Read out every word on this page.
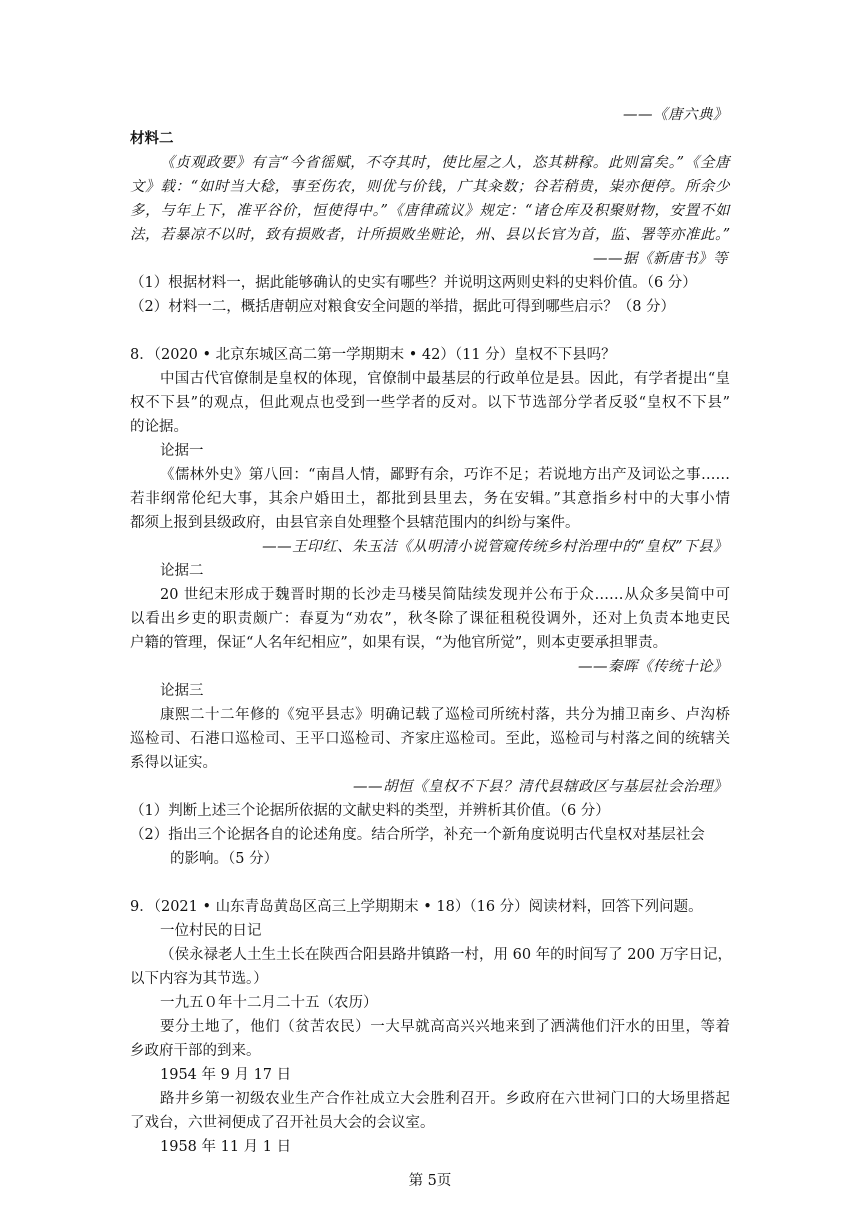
——《唐六典》
材料二
《贞观政要》有言“今省徭赋，不夺其时，使比屋之人，恣其耕稼。此则富矣。”《全唐
文》载：“如时当大稔，事至伤农，则优与价钱，广其籴数；谷若稍贵，粜亦便停。所余少
多，与年上下，准平谷价，恒使得中。”《唐律疏议》规定：“诸仓库及积聚财物，安置不如
法，若暴凉不以时，致有损败者，计所损败坐赃论，州、县以长官为首，监、署等亦准此。”
——据《新唐书》等
（1）根据材料一，据此能够确认的史实有哪些？并说明这两则史料的史料价值。（6 分）
（2）材料一二，概括唐朝应对粮食安全问题的举措，据此可得到哪些启示？（8 分）
8．（2020 • 北京东城区高二第一学期期末 • 42）（11 分）皇权不下县吗？
中国古代官僚制是皇权的体现，官僚制中最基层的行政单位是县。因此，有学者提出“皇
权不下县”的观点，但此观点也受到一些学者的反对。以下节选部分学者反驳“皇权不下县”
的论据。
论据一
《儒林外史》第八回：“南昌人情，鄙野有余，巧诈不足；若说地方出产及词讼之事……
若非纲常伦纪大事，其余户婚田土，都批到县里去，务在安辑。”其意指乡村中的大事小情
都须上报到县级政府，由县官亲自处理整个县辖范围内的纠纷与案件。
——王印红、朱玉洁《从明清小说管窥传统乡村治理中的“皇权”下县》
论据二
20 世纪末形成于魏晋时期的长沙走马楼吴简陆续发现并公布于众……从众多吴简中可
以看出乡吏的职责颇广：春夏为“劝农”，秋冬除了课征租税役调外，还对上负责本地吏民
户籍的管理，保证“人名年纪相应”，如果有误，“为他官所觉”，则本吏要承担罪责。
——秦晖《传统十论》
论据三
康熙二十二年修的《宛平县志》明确记载了巡检司所统村落，共分为捕卫南乡、卢沟桥
巡检司、石港口巡检司、王平口巡检司、齐家庄巡检司。至此，巡检司与村落之间的统辖关
系得以证实。
——胡恒《皇权不下县？清代县辖政区与基层社会治理》
（1）判断上述三个论据所依据的文献史料的类型，并辨析其价值。（6 分）
（2）指出三个论据各自的论述角度。结合所学，补充一个新角度说明古代皇权对基层社会
的影响。（5 分）
9．（2021 • 山东青岛黄岛区高三上学期期末 • 18）（16 分）阅读材料，回答下列问题。
一位村民的日记
（侯永禄老人土生土长在陕西合阳县路井镇路一村，用 60 年的时间写了 200 万字日记，
以下内容为其节选。）
一九五０年十二月二十五（农历）
要分土地了，他们（贫苦农民）一大早就高高兴兴地来到了洒满他们汗水的田里，等着
乡政府干部的到来。
1954 年 9 月 17 日
路井乡第一初级农业生产合作社成立大会胜利召开。乡政府在六世祠门口的大场里搭起
了戏台，六世祠便成了召开社员大会的会议室。
1958 年 11 月 1 日
第 5页
